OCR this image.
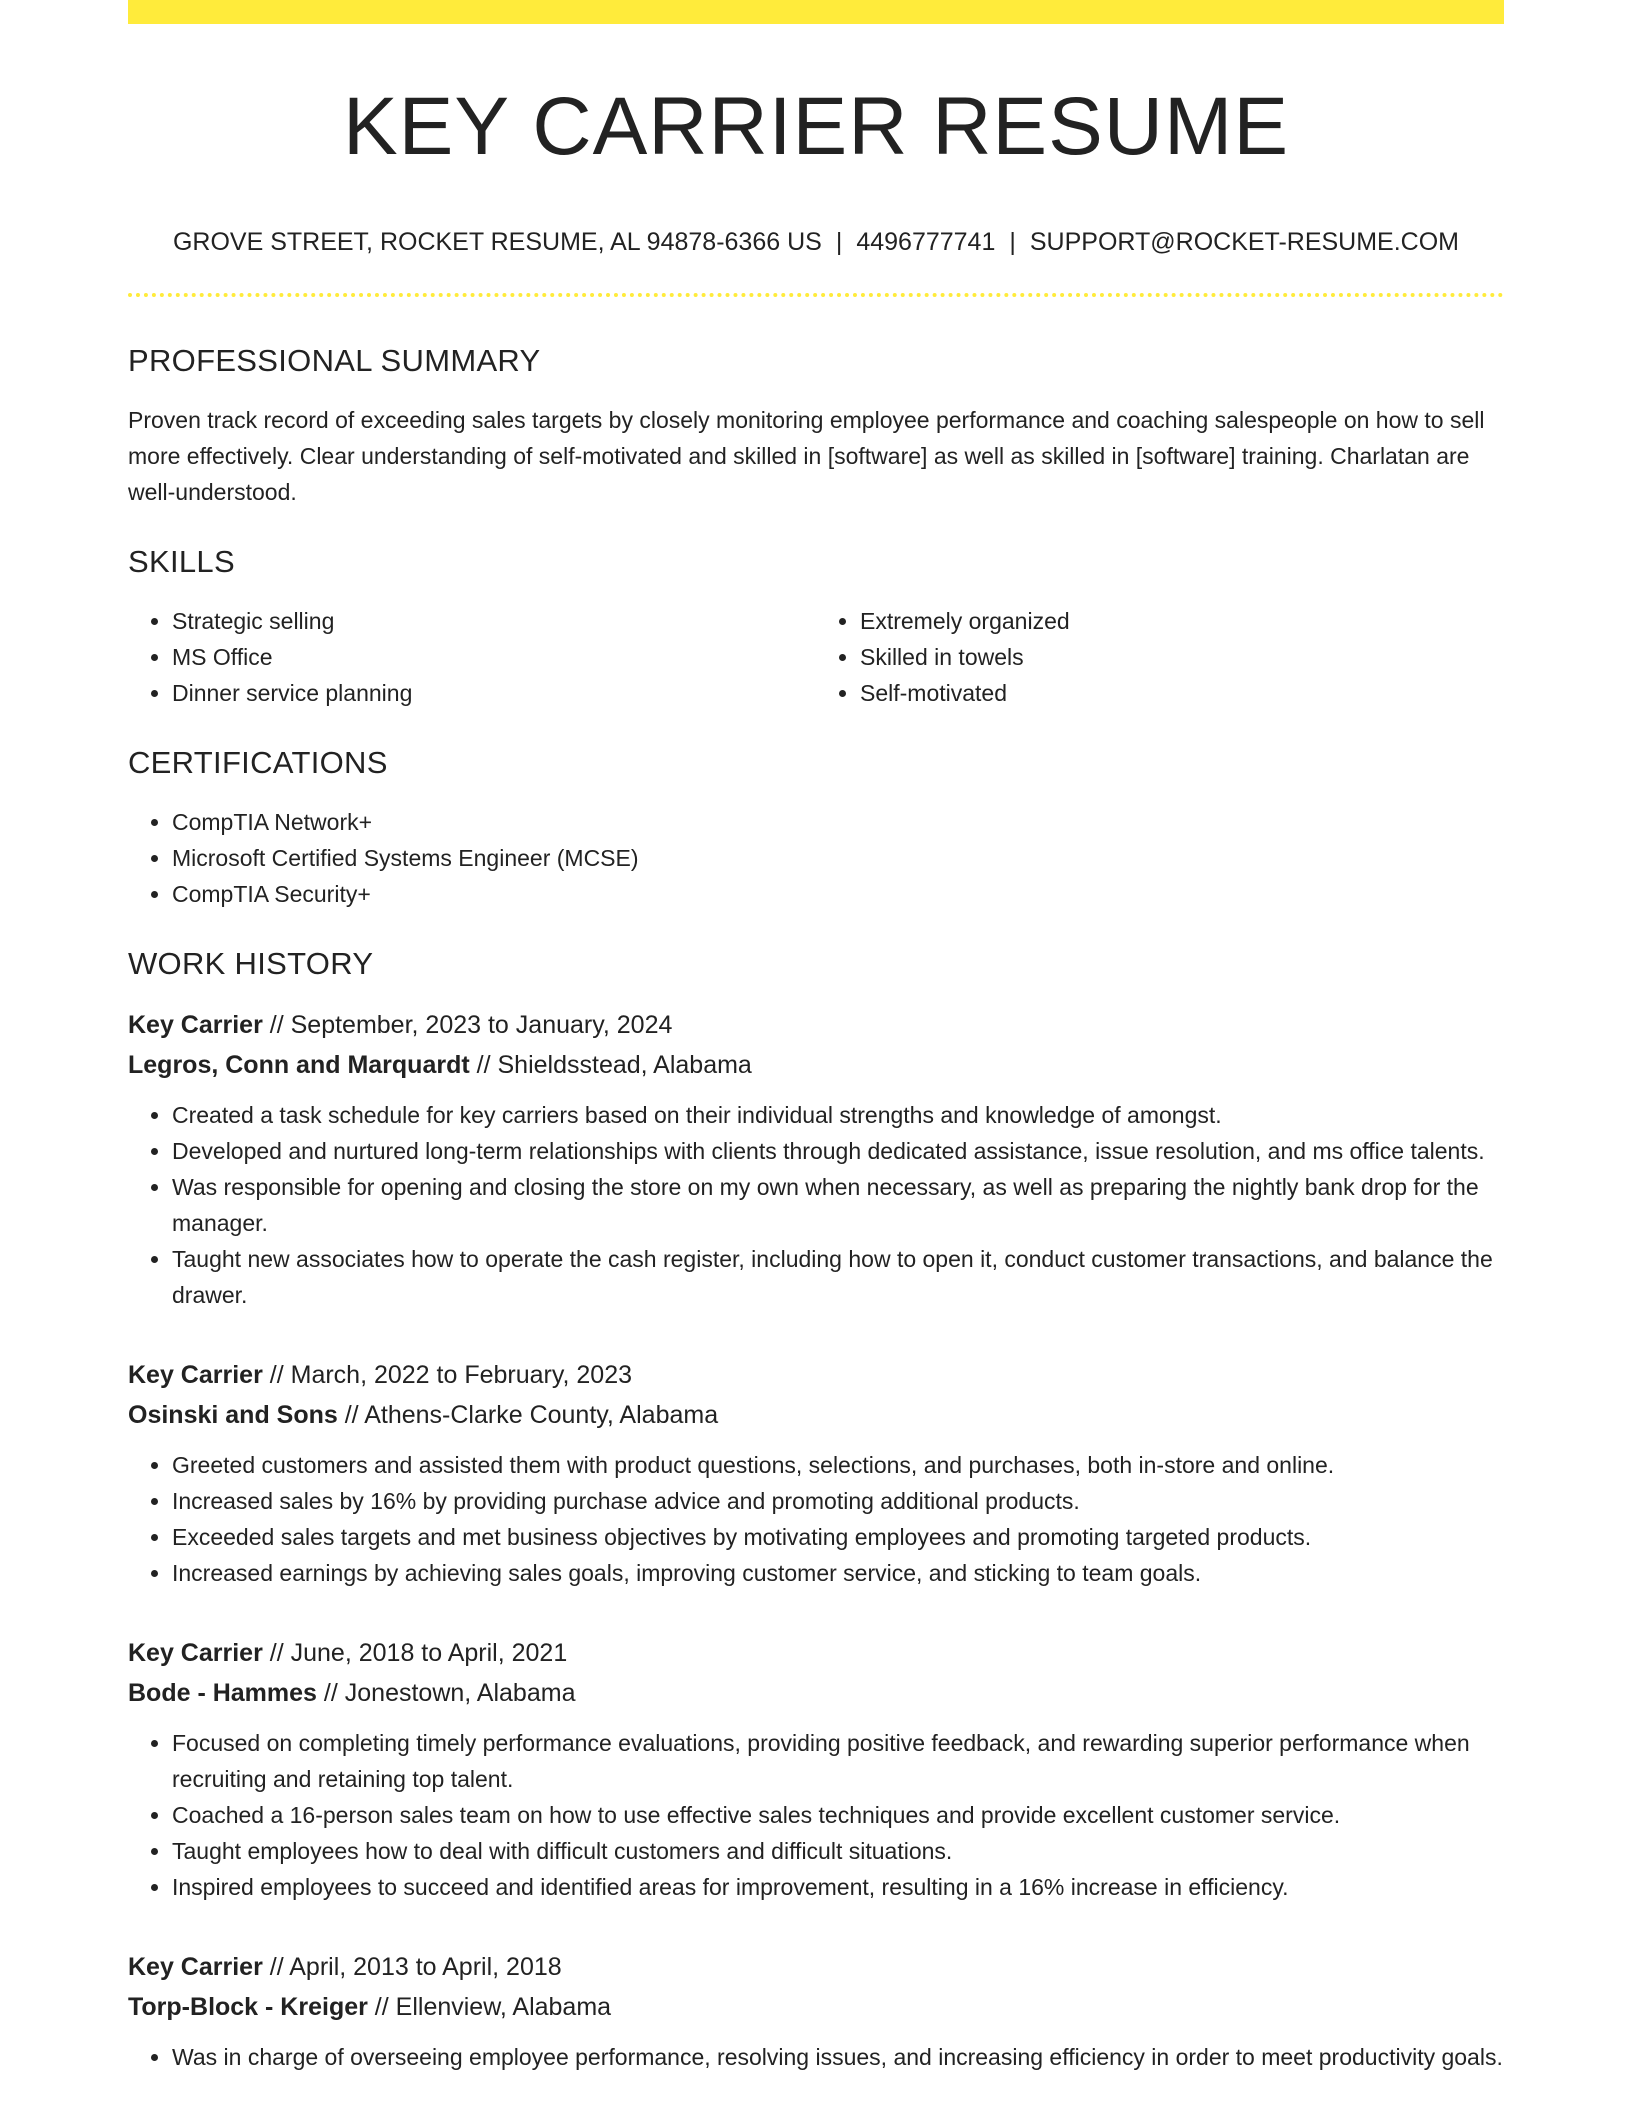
KEY CARRIER RESUME
GROVE STREET, ROCKET RESUME, AL 94878-6366 US | 4496777741 | SUPPORT@ROCKET-RESUME.COM
PROFESSIONAL SUMMARY

Proven track record of exceeding sales targets by closely monitoring employee performance and coaching salespeople on how to sell more effectively. Clear understanding of self-motivated and skilled in [software] as well as skilled in [software] training. Charlatan are well-understood.

SKILLS
• Strategic selling
• MS Office
• Dinner service planning
• Extremely organized
• Skilled in towels
• Self-motivated
CERTIFICATIONS
• CompTIA Network+
• Microsoft Certified Systems Engineer (MCSE)
• CompTIA Security+
WORK HISTORY
Key Carrier // September, 2023 to January, 2024
Legros, Conn and Marquardt // Shieldsstead, Alabama
• Created a task schedule for key carriers based on their individual strengths and knowledge of amongst.
• Developed and nurtured long-term relationships with clients through dedicated assistance, issue resolution, and ms office talents.
• Was responsible for opening and closing the store on my own when necessary, as well as preparing the nightly bank drop for the manager.
• Taught new associates how to operate the cash register, including how to open it, conduct customer transactions, and balance the drawer.
Key Carrier // March, 2022 to February, 2023
Osinski and Sons // Athens-Clarke County, Alabama
• Greeted customers and assisted them with product questions, selections, and purchases, both in-store and online.
• Increased sales by 16% by providing purchase advice and promoting additional products.
• Exceeded sales targets and met business objectives by motivating employees and promoting targeted products.
• Increased earnings by achieving sales goals, improving customer service, and sticking to team goals.
Key Carrier // June, 2018 to April, 2021
Bode - Hammes // Jonestown, Alabama
• Focused on completing timely performance evaluations, providing positive feedback, and rewarding superior performance when recruiting and retaining top talent.
• Coached a 16-person sales team on how to use effective sales techniques and provide excellent customer service.
• Taught employees how to deal with difficult customers and difficult situations.
• Inspired employees to succeed and identified areas for improvement, resulting in a 16% increase in efficiency.
Key Carrier // April, 2013 to April, 2018
Torp-Block - Kreiger // Ellenview, Alabama
• Was in charge of overseeing employee performance, resolving issues, and increasing efficiency in order to meet productivity goals.
